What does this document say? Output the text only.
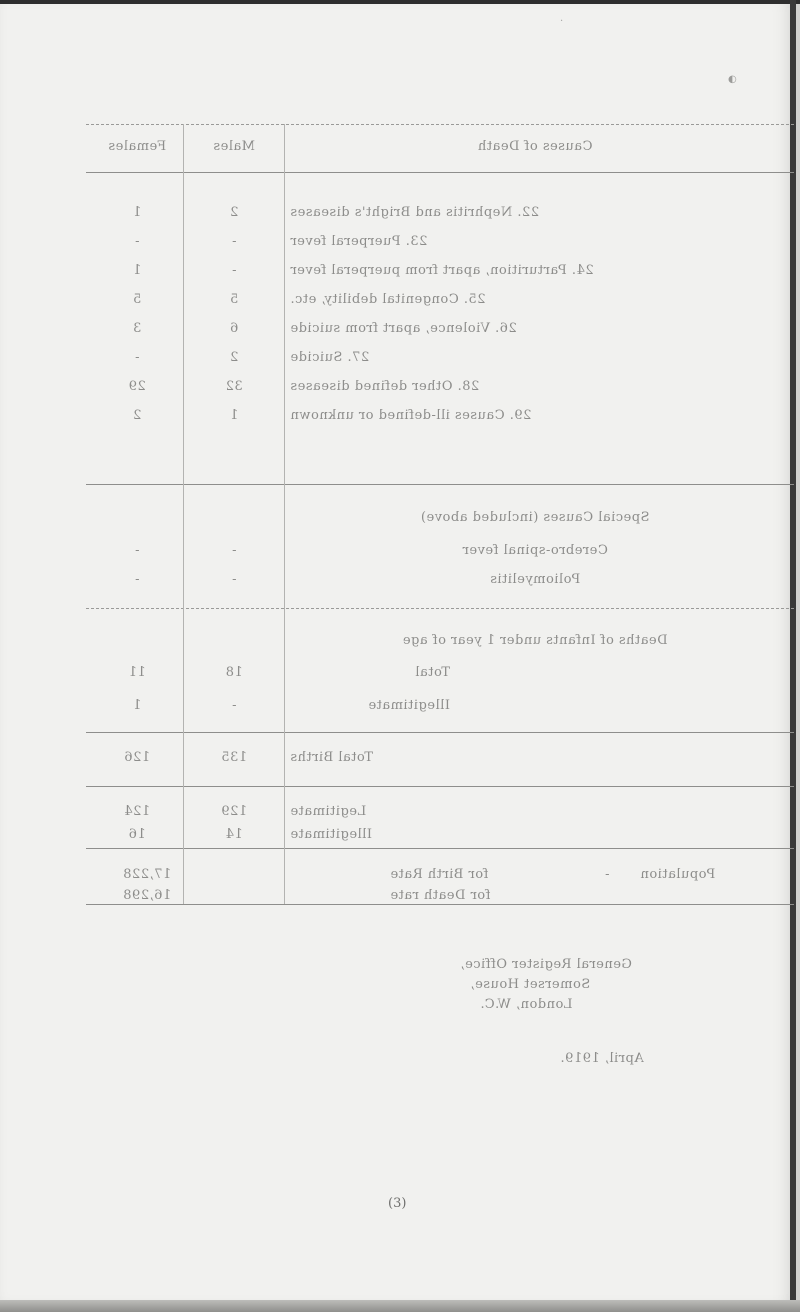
·
◐
Causes of Death
Males
Females
22. Nephritis and Bright's diseases
2
1
23. Puerperal fever
-
-
24. Parturition, apart from puerperal fever
-
1
25. Congenital debility, etc.
5
5
26. Violence, apart from suicide
6
3
27. Suicide
2
-
28. Other defined diseases
32
29
29. Causes ill-defined or unknown
1
2
Special Causes (included above)
Cerebro-spinal fever
-
-
Poliomyelitis
-
-
Deaths of Infants under 1 year of age
Total
18
11
Illegitimate
-
1
Total Births
135
126
Legitimate
129
124
Illegitimate
14
16
Population
-
for Birth Rate
17,228
for Death rate
16,298
General Register Office,
Somerset House,
London, W.C.
April, 1919.
(3)
